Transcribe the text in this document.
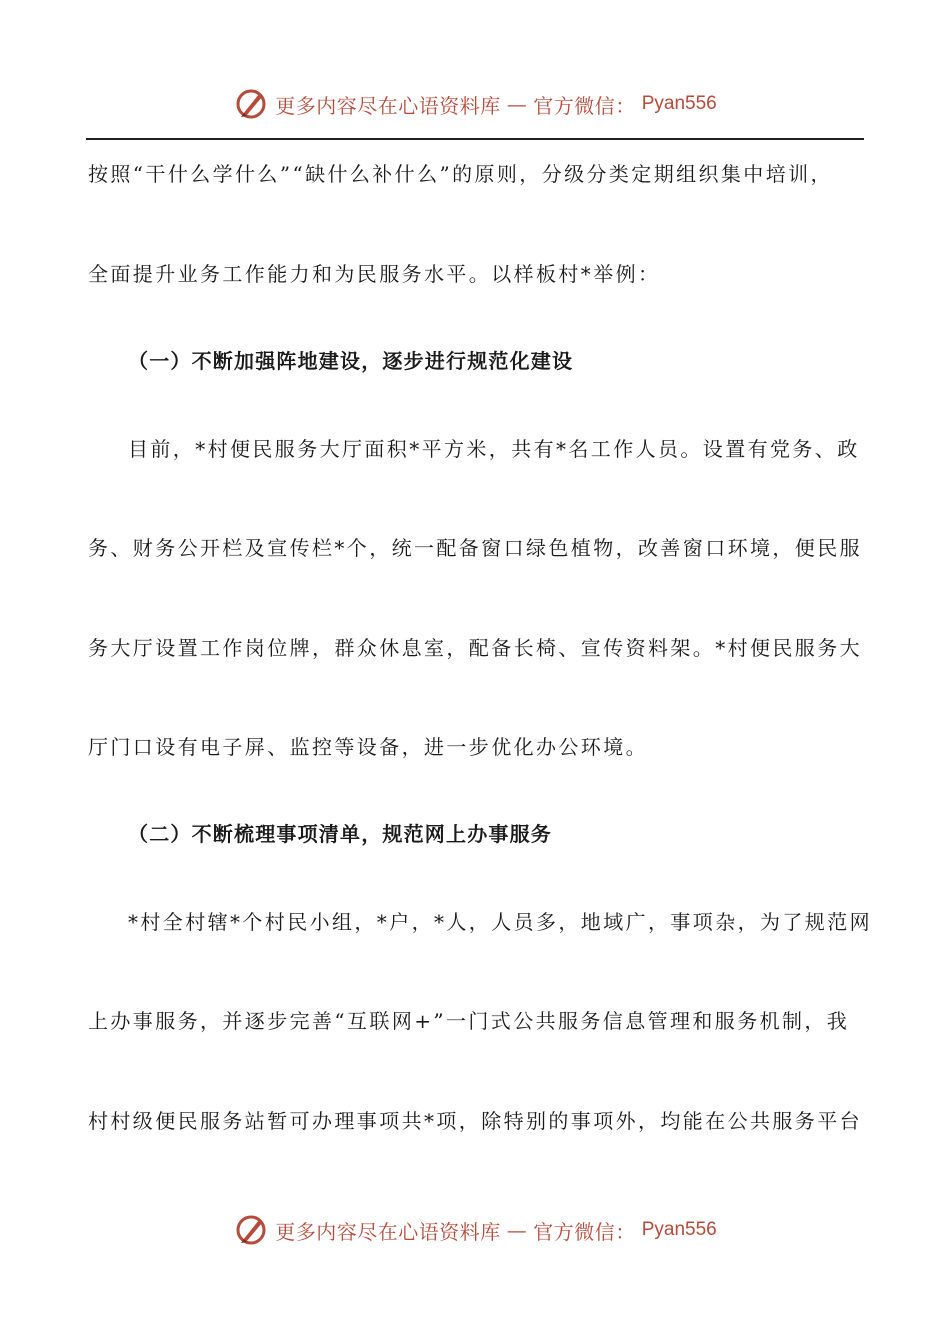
更多内容尽在心语资料库 — 官方微信： Pyan556
按照“干什么学什么”“缺什么补什么”的原则，分级分类定期组织集中培训，
全面提升业务工作能力和为民服务水平。以样板村*举例：
（一）不断加强阵地建设，逐步进行规范化建设
目前，*村便民服务大厅面积*平方米，共有*名工作人员。设置有党务、政
务、财务公开栏及宣传栏*个，统一配备窗口绿色植物，改善窗口环境，便民服
务大厅设置工作岗位牌，群众休息室，配备长椅、宣传资料架。*村便民服务大
厅门口设有电子屏、监控等设备，进一步优化办公环境。
（二）不断梳理事项清单，规范网上办事服务
*村全村辖*个村民小组，*户，*人，人员多，地域广，事项杂，为了规范网
上办事服务，并逐步完善“互联网+”一门式公共服务信息管理和服务机制，我
村村级便民服务站暂可办理事项共*项，除特别的事项外，均能在公共服务平台
更多内容尽在心语资料库 — 官方微信： Pyan556
